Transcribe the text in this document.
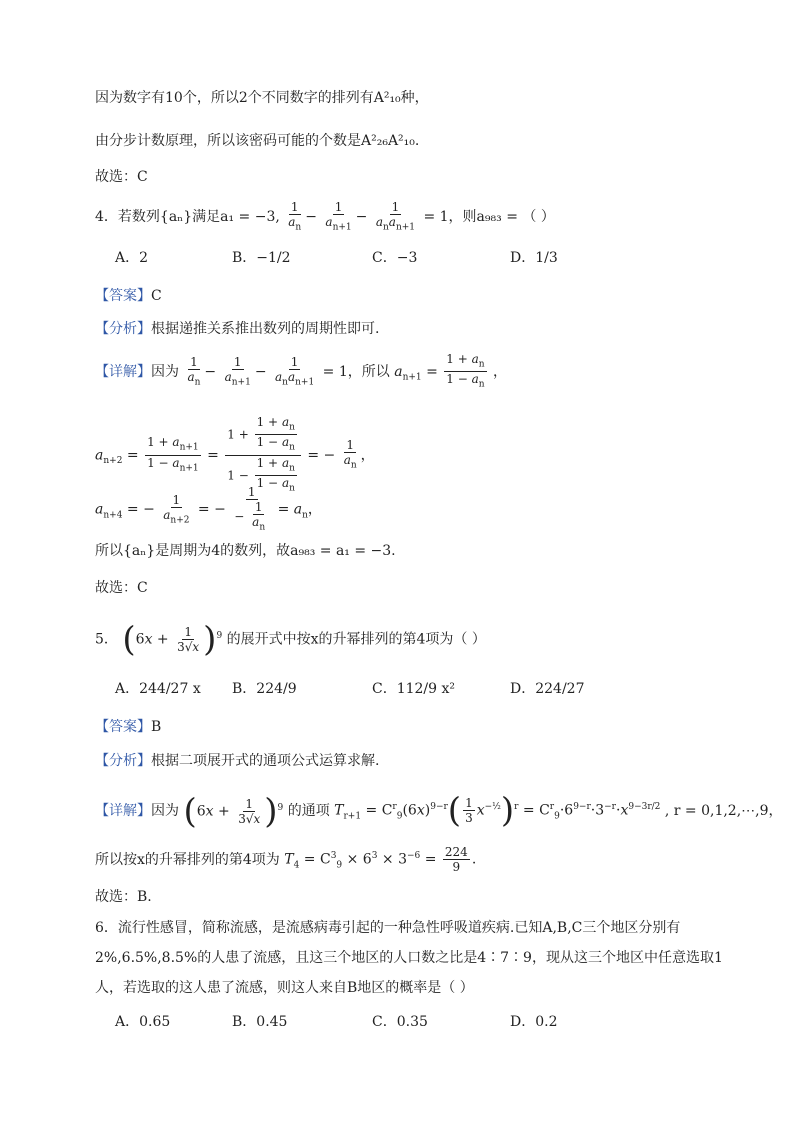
因为数字有10个，所以2个不同数字的排列有A²₁₀种，
由分步计数原理，所以该密码可能的个数是A²₂₆A²₁₀.
故选：C
4．若数列{aₙ}满足a₁ = −3, $\frac{1}{a_n} - \frac{1}{a_{n+1}} - \frac{1}{a_na_{n+1}} = 1$，则a₉₈₃ = （ ）
A．2	B．−1/2	C．−3	D．1/3
【答案】C
【分析】根据递推关系推出数列的周期性即可.
【详解】因为 $\frac{1}{a_n} - \frac{1}{a_{n+1}} - \frac{1}{a_na_{n+1}} = 1$，所以 $a_{n+1} = \frac{1 + a_n}{1 - a_n}$ ，
$a_{n+2} = \frac{1 + a_{n+1}}{1 - a_{n+1}} = \frac{1 + \frac{1 + a_n}{1 - a_n}}{1 - \frac{1 + a_n}{1 - a_n}}$ = − $\frac{1}{a_n}$ ，
$a_{n+4}$ = − $\frac{1}{a_{n+2}}$ = − $\frac{1}{- \frac{1}{a_n}} = a_n$，
所以{aₙ}是周期为4的数列，故a₉₈₃ = a₁ = −3.
故选：C
5． $(6x + \frac{1}{3√x} )^9$ 的展开式中按x的升幂排列的第4项为（ ）
A．244/27 x B．224/9	C．112/9 x²	D．224/27
【答案】B
【分析】根据二项展开式的通项公式运算求解.
【详解】因为 $(6x + \frac{1}{3√x} )^9$ 的通项 $T_{r+1} = C^r_9(6x)^{9-r}( \frac{1}{3} x^{-\frac{1}{2}})^r = C^r_9\cdot 6^{9-r}\cdot 3^{-r}\cdot x^{9-3r/2}$ , r = 0,1,2,⋯,9，
所以按x的升幂排列的第4项为 $T_4 = C^3_9 \times 6^3 \times 3^{-6} = \frac{224}{9}$ .
故选：B.
6．流行性感冒，简称流感，是流感病毒引起的一种急性呼吸道疾病.已知A,B,C三个地区分别有
2%,6.5%,8.5%的人患了流感，且这三个地区的人口数之比是4∶7∶9，现从这三个地区中任意选取1
人，若选取的这人患了流感，则这人来自B地区的概率是（ ）
A．0.65	B．0.45	C．0.35	D．0.2
